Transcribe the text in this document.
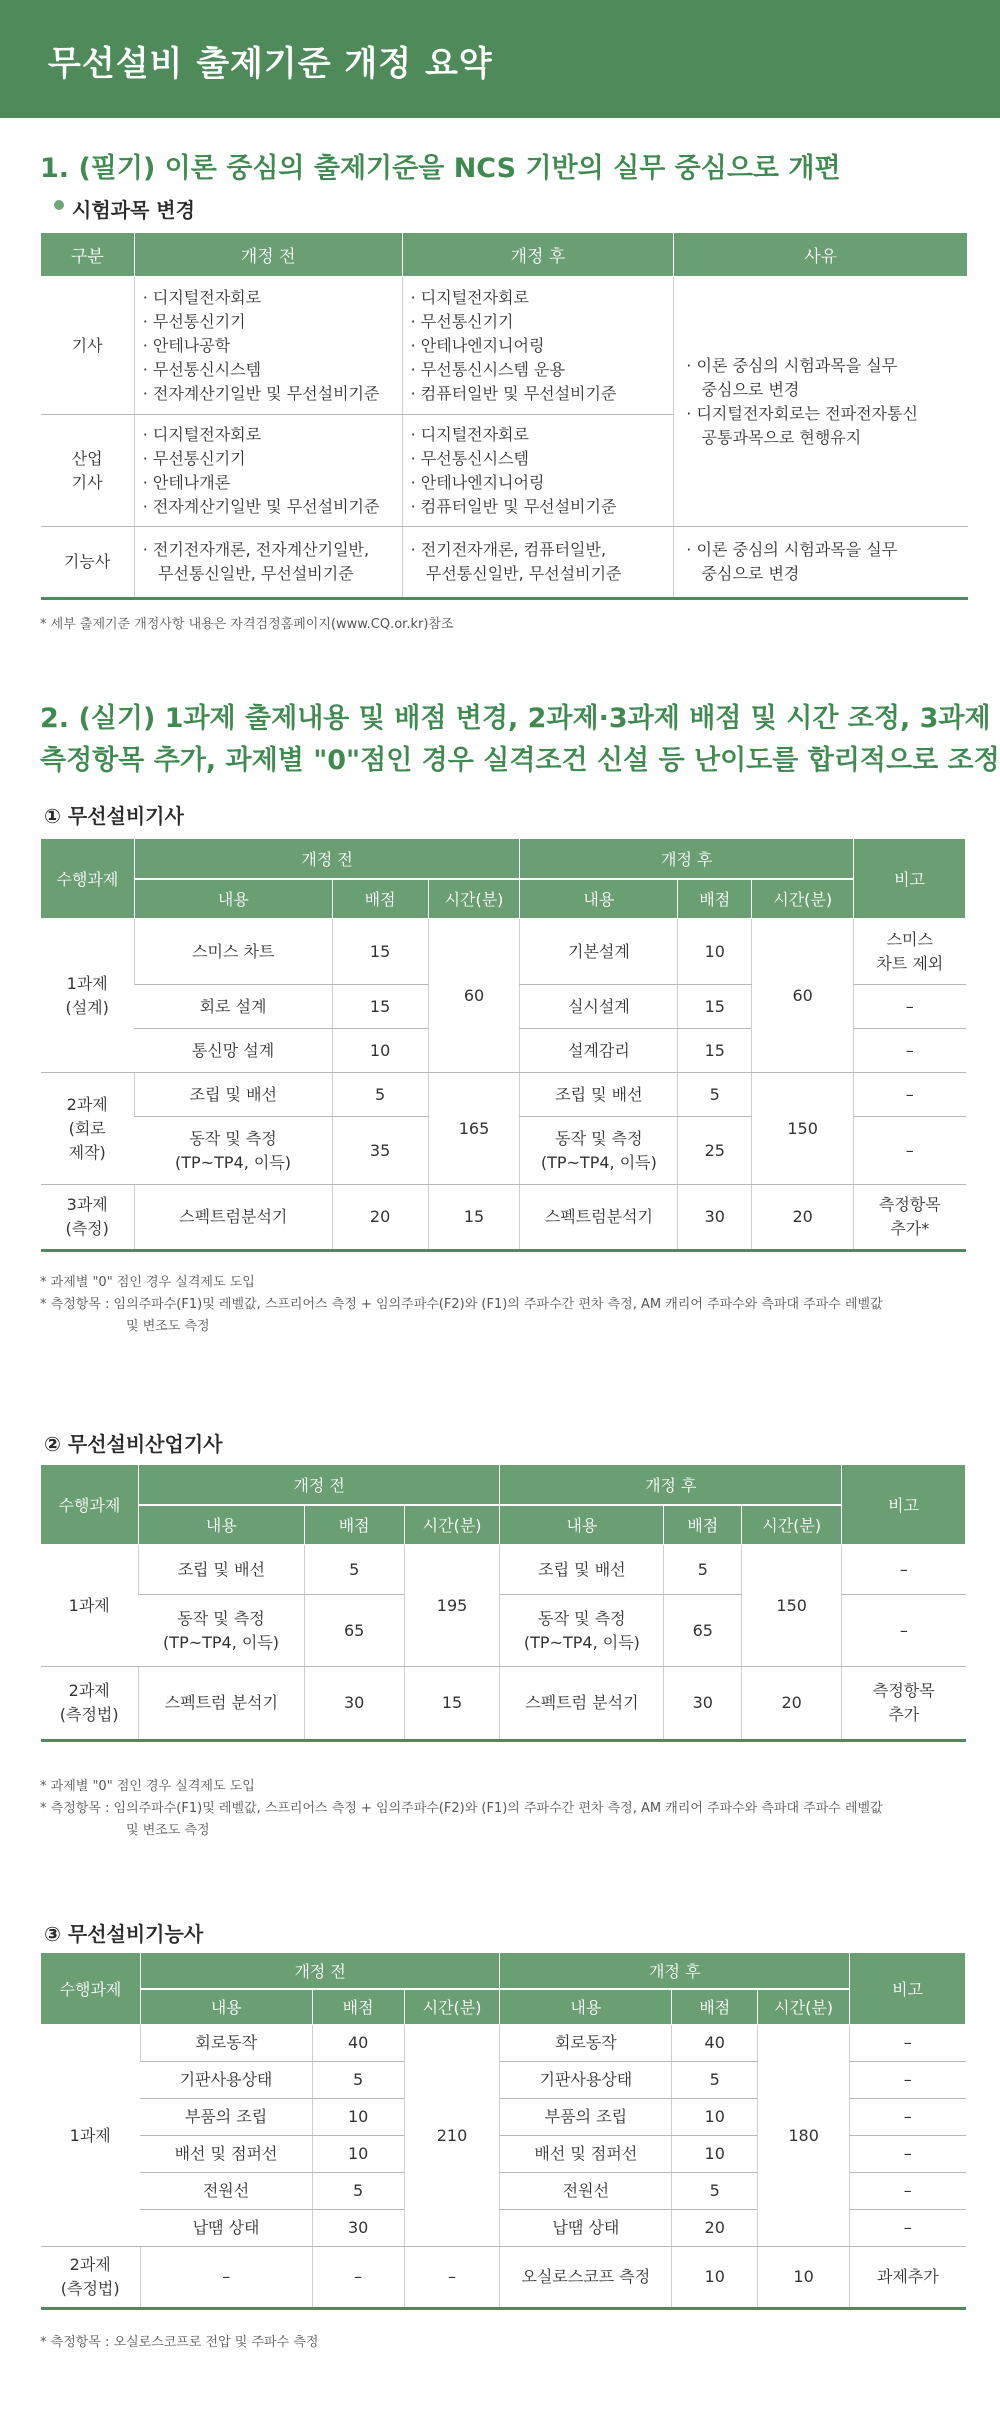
무선설비 출제기준 개정 요약
1. (필기) 이론 중심의 출제기준을 NCS 기반의 실무 중심으로 개편
시험과목 변경
구분	개정 전	개정 후	사유
기사	· 디지털전자회로
· 무선통신기기
· 안테나공학
· 무선통신시스템
· 전자계산기일반 및 무선설비기준	· 디지털전자회로
· 무선통신기기
· 안테나엔지니어링
· 무선통신시스템 운용
· 컴퓨터일반 및 무선설비기준	· 이론 중심의 시험과목을 실무
중심으로 변경
· 디지털전자회로는 전파전자통신
공통과목으로 현행유지

산업기사	· 디지털전자회로
· 무선통신기기
· 안테나개론
· 전자계산기일반 및 무선설비기준	· 디지털전자회로
· 무선통신시스템
· 안테나엔지니어링
· 컴퓨터일반 및 무선설비기준	

기능사	· 전기전자개론, 전자계산기일반,
무선통신일반, 무선설비기준	· 전기전자개론, 컴퓨터일반,
무선통신일반, 무선설비기준	· 이론 중심의 시험과목을 실무
중심으로 변경
* 세부 출제기준 개정사항 내용은 자격검정홈페이지(www.CQ.or.kr)참조
2. (실기) 1과제 출제내용 및 배점 변경, 2과제·3과제 배점 및 시간 조정, 3과제
측정항목 추가, 과제별 "0"점인 경우 실격조건 신설 등 난이도를 합리적으로 조정
① 무선설비기사
수행과제	개정 전			개정 후			비고
	내용	배점	시간(분)	내용	배점	시간(분)	
1과제
(설계)	스미스 차트	15	60	기본설계	10	60	스미스
차트 제외
	회로 설계	15		실시설계	15		–
	통신망 설계	10		설계감리	15		–
2과제
(회로
제작)	조립 및 배선	5	165	조립 및 배선	5	150	–
	동작 및 측정
(TP~TP4, 이득)	35		동작 및 측정
(TP~TP4, 이득)	25		–
3과제
(측정)	스펙트럼분석기	20	15	스펙트럼분석기	30	20	측정항목
추가*
* 과제별 "0" 점인 경우 실격제도 도입
* 측정항목 : 임의주파수(F1)및 레벨값, 스프리어스 측정 + 임의주파수(F2)와 (F1)의 주파수간 편차 측정, AM 캐리어 주파수와 측파대 주파수 레벨값
및 변조도 측정
② 무선설비산업기사
수행과제	개정 전			개정 후			비고
	내용	배점	시간(분)	내용	배점	시간(분)	
1과제	조립 및 배선	5	195	조립 및 배선	5	150	–
	동작 및 측정
(TP~TP4, 이득)	65		동작 및 측정
(TP~TP4, 이득)	65		–
2과제
(측정법)	스펙트럼 분석기	30	15	스펙트럼 분석기	30	20	측정항목
추가
* 과제별 "0" 점인 경우 실격제도 도입
* 측정항목 : 임의주파수(F1)및 레벨값, 스프리어스 측정 + 임의주파수(F2)와 (F1)의 주파수간 편차 측정, AM 캐리어 주파수와 측파대 주파수 레벨값
및 변조도 측정
③ 무선설비기능사
수행과제	개정 전			개정 후			비고
	내용	배점	시간(분)	내용	배점	시간(분)	
1과제	회로동작	40	210	회로동작	40	180	–
	기판사용상태	5		기판사용상태	5		–
	부품의 조립	10		부품의 조립	10		–
	배선 및 점퍼선	10		배선 및 점퍼선	10		–
	전원선	5		전원선	5		–
	납땜 상태	30		납땜 상태	20		–
2과제
(측정법)	–	–	–	오실로스코프 측정	10	10	과제추가
* 측정항목 : 오실로스코프로 전압 및 주파수 측정
